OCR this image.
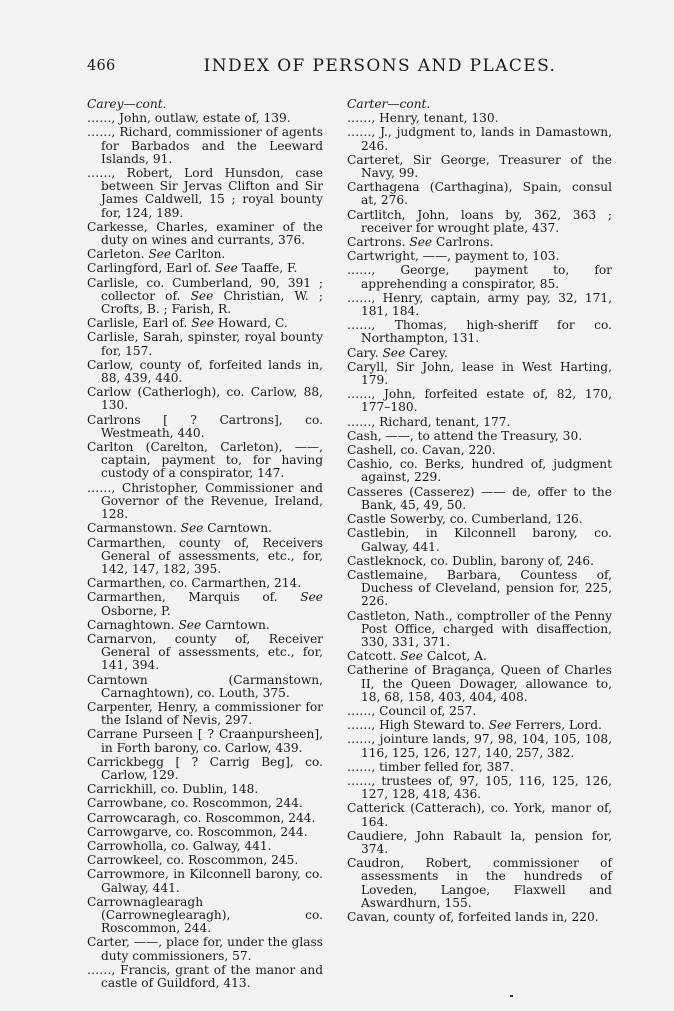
466	INDEX OF PERSONS AND PLACES.

Carey—cont.

……, John, outlaw, estate of, 139.

……, Richard, commissioner of agents for Barbados and the Leeward Islands, 91.

……, Robert, Lord Hunsdon, case between Sir Jervas Clifton and Sir James Caldwell, 15 ; royal bounty for, 124, 189.

Carkesse, Charles, examiner of the duty on wines and currants, 376.

Carleton. See Carlton.

Carlingford, Earl of. See Taaffe, F.

Carlisle, co. Cumberland, 90, 391 ; collector of. See Christian, W. ; Crofts, B. ; Farish, R.

Carlisle, Earl of. See Howard, C.

Carlisle, Sarah, spinster, royal bounty for, 157.

Carlow, county of, forfeited lands in, 88, 439, 440.

Carlow (Catherlogh), co. Carlow, 88, 130.

Carlrons [ ? Cartrons], co. Westmeath, 440.

Carlton (Carelton, Carleton), ——, captain, payment to, for having custody of a conspirator, 147.

……, Christopher, Commissioner and Governor of the Revenue, Ireland, 128.

Carmanstown. See Carntown.

Carmarthen, county of, Receivers General of assessments, etc., for, 142, 147, 182, 395.

Carmarthen, co. Carmarthen, 214.

Carmarthen, Marquis of. See Osborne, P.

Carnaghtown. See Carntown.

Carnarvon, county of, Receiver General of assessments, etc., for, 141, 394.

Carntown (Carmanstown, Carnaghtown), co. Louth, 375.

Carpenter, Henry, a commissioner for the Island of Nevis, 297.

Carrane Purseen [ ? Craanpursheen], in Forth barony, co. Carlow, 439.

Carrickbegg [ ? Carrig Beg], co. Carlow, 129.

Carrickhill, co. Dublin, 148.

Carrowbane, co. Roscommon, 244.

Carrowcaragh, co. Roscommon, 244.

Carrowgarve, co. Roscommon, 244.

Carrowholla, co. Galway, 441.

Carrowkeel, co. Roscommon, 245.

Carrowmore, in Kilconnell barony, co. Galway, 441.

Carrownaglearagh (Carrowneglearagh), co. Roscommon, 244.

Carter, ——, place for, under the glass duty commissioners, 57.

……, Francis, grant of the manor and castle of Guildford, 413.

Carter—cont.

……, Henry, tenant, 130.

……, J., judgment to, lands in Damastown, 246.

Carteret, Sir George, Treasurer of the Navy, 99.

Carthagena (Carthagina), Spain, consul at, 276.

Cartlitch, John, loans by, 362, 363 ; receiver for wrought plate, 437.

Cartrons. See Carlrons.

Cartwright, ——, payment to, 103.

……, George, payment to, for apprehending a conspirator, 85.

……, Henry, captain, army pay, 32, 171, 181, 184.

……, Thomas, high-sheriff for co. Northampton, 131.

Cary. See Carey.

Caryll, Sir John, lease in West Harting, 179.

……, John, forfeited estate of, 82, 170, 177–180.

……, Richard, tenant, 177.

Cash, ——, to attend the Treasury, 30.

Cashell, co. Cavan, 220.

Cashio, co. Berks, hundred of, judgment against, 229.

Casseres (Casserez) —— de, offer to the Bank, 45, 49, 50.

Castle Sowerby, co. Cumberland, 126.

Castlebin, in Kilconnell barony, co. Galway, 441.

Castleknock, co. Dublin, barony of, 246.

Castlemaine, Barbara, Countess of, Duchess of Cleveland, pension for, 225, 226.

Castleton, Nath., comptroller of the Penny Post Office, charged with disaffection, 330, 331, 371.

Catcott. See Calcot, A.

Catherine of Bragança, Queen of Charles II, the Queen Dowager, allowance to, 18, 68, 158, 403, 404, 408.

……, Council of, 257.

……, High Steward to. See Ferrers, Lord.

……, jointure lands, 97, 98, 104, 105, 108, 116, 125, 126, 127, 140, 257, 382.

……, timber felled for, 387.

……, trustees of, 97, 105, 116, 125, 126, 127, 128, 418, 436.

Catterick (Catterach), co. York, manor of, 164.

Caudiere, John Rabault la, pension for, 374.

Caudron, Robert, commissioner of assessments in the hundreds of Loveden, Langoe, Flaxwell and Aswardhurn, 155.

Cavan, county of, forfeited lands in, 220.
